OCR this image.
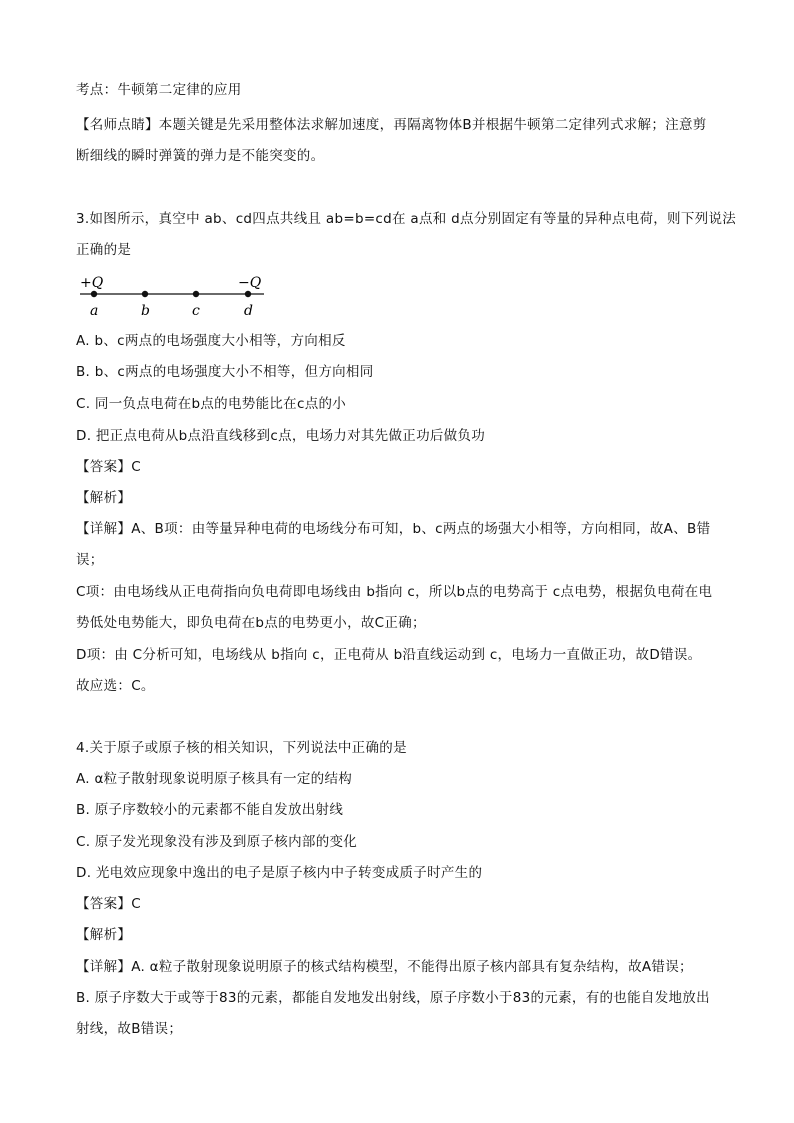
考点：牛顿第二定律的应用
【名师点睛】本题关键是先采用整体法求解加速度，再隔离物体B并根据牛顿第二定律列式求解；注意剪
断细线的瞬时弹簧的弹力是不能突变的。
3.如图所示，真空中 ab、cd四点共线且 ab=b=cd在 a点和 d点分别固定有等量的异种点电荷，则下列说法
正确的是
+Q	−Q
a	b	c	d
A. b、c两点的电场强度大小相等，方向相反
B. b、c两点的电场强度大小不相等，但方向相同
C. 同一负点电荷在b点的电势能比在c点的小
D. 把正点电荷从b点沿直线移到c点，电场力对其先做正功后做负功
【答案】C
【解析】
【详解】A、B项：由等量异种电荷的电场线分布可知，b、c两点的场强大小相等，方向相同，故A、B错
误；
C项：由电场线从正电荷指向负电荷即电场线由 b指向 c，所以b点的电势高于 c点电势，根据负电荷在电
势低处电势能大，即负电荷在b点的电势更小，故C正确；
D项：由 C分析可知，电场线从 b指向 c，正电荷从 b沿直线运动到 c，电场力一直做正功，故D错误。
故应选：C。
4.关于原子或原子核的相关知识，下列说法中正确的是
A. α粒子散射现象说明原子核具有一定的结构
B. 原子序数较小的元素都不能自发放出射线
C. 原子发光现象没有涉及到原子核内部的变化
D. 光电效应现象中逸出的电子是原子核内中子转变成质子时产生的
【答案】C
【解析】
【详解】A. α粒子散射现象说明原子的核式结构模型，不能得出原子核内部具有复杂结构，故A错误；
B. 原子序数大于或等于83的元素，都能自发地发出射线，原子序数小于83的元素，有的也能自发地放出
射线，故B错误；
